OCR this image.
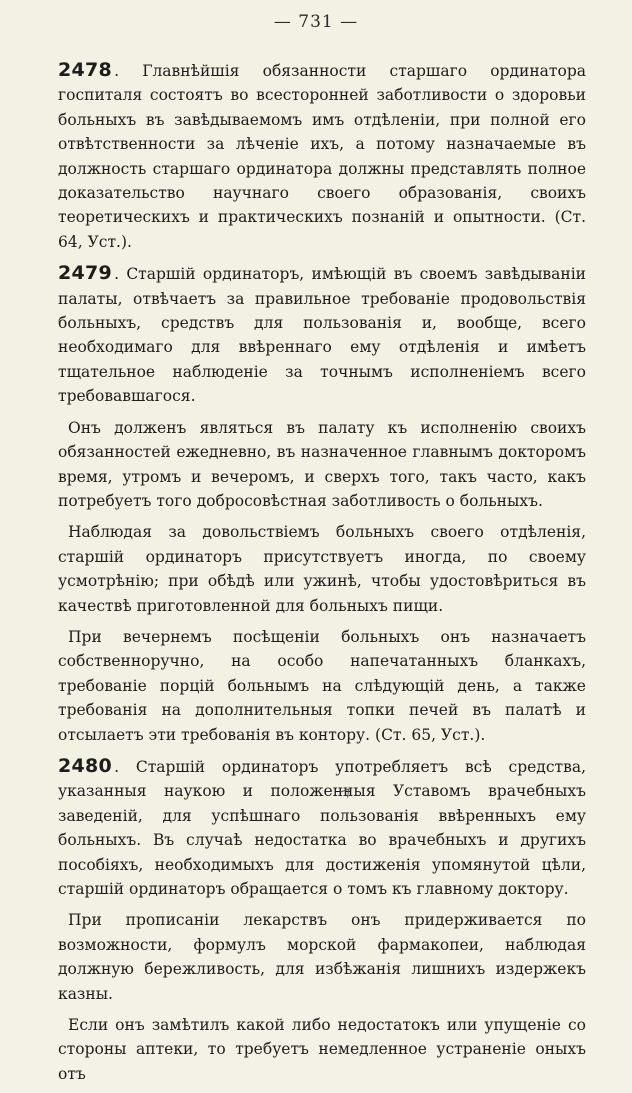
— 731 —

2478 . Главнѣйшія обязанности старшаго ординатора госпиталя состоятъ во всесторонней заботливости о здоровьи больныхъ въ завѣдываемомъ имъ отдѣленіи, при полной его отвѣтственности за лѣченіе ихъ, а потому назначаемые въ должность старшаго ординатора должны представлять полное доказательство научнаго своего образованія, своихъ теоретическихъ и практическихъ познаній и опытности. (Ст. 64, Уст.).

2479 . Старшій ординаторъ, имѣющій въ своемъ завѣдываніи палаты, отвѣчаетъ за правильное требованіе продовольствія больныхъ, средствъ для пользованія и, вообще, всего необходимаго для ввѣреннаго ему отдѣленія и имѣетъ тщательное наблюденіе за точнымъ исполненіемъ всего требовавшагося.

Онъ долженъ являться въ палату къ исполненію своихъ обязанностей ежедневно, въ назначенное главнымъ докторомъ время, утромъ и вечеромъ, и сверхъ того, такъ часто, какъ потребуетъ того добросовѣстная заботливость о больныхъ.

Наблюдая за довольствіемъ больныхъ своего отдѣленія, старшій ординаторъ присутствуетъ иногда, по своему усмотрѣнію; при обѣдѣ или ужинѣ, чтобы удостовѣриться въ качествѣ приготовленной для больныхъ пищи.

При вечернемъ посѣщеніи больныхъ онъ назначаетъ собственноручно, на особо напечатанныхъ бланкахъ, требованіе порцій больнымъ на слѣдующій день, а также требованія на дополнительныя топки печей въ палатѣ и отсылаетъ эти требованія въ контору. (Ст. 65, Уст.).

2480 . Старшій ординаторъ употребляетъ всѣ средства, указанныя наукою и положенныя Уставомъ врачебныхъ заведеній, для успѣшнаго пользованія ввѣренныхъ ему больныхъ. Въ случаѣ недостатка во врачебныхъ и другихъ пособіяхъ, необходимыхъ для достиженія упомянутой цѣли, старшій ординаторъ обращается о томъ къ главному доктору.

При прописаніи лекарствъ онъ придерживается по возможности, формулъ морской фармакопеи, наблюдая должную бережливость, для избѣжанія лишнихъ издержекъ казны.

Если онъ замѣтилъ какой либо недостатокъ или упущеніе со стороны аптеки, то требуетъ немедленное устраненіе оныхъ отъ
